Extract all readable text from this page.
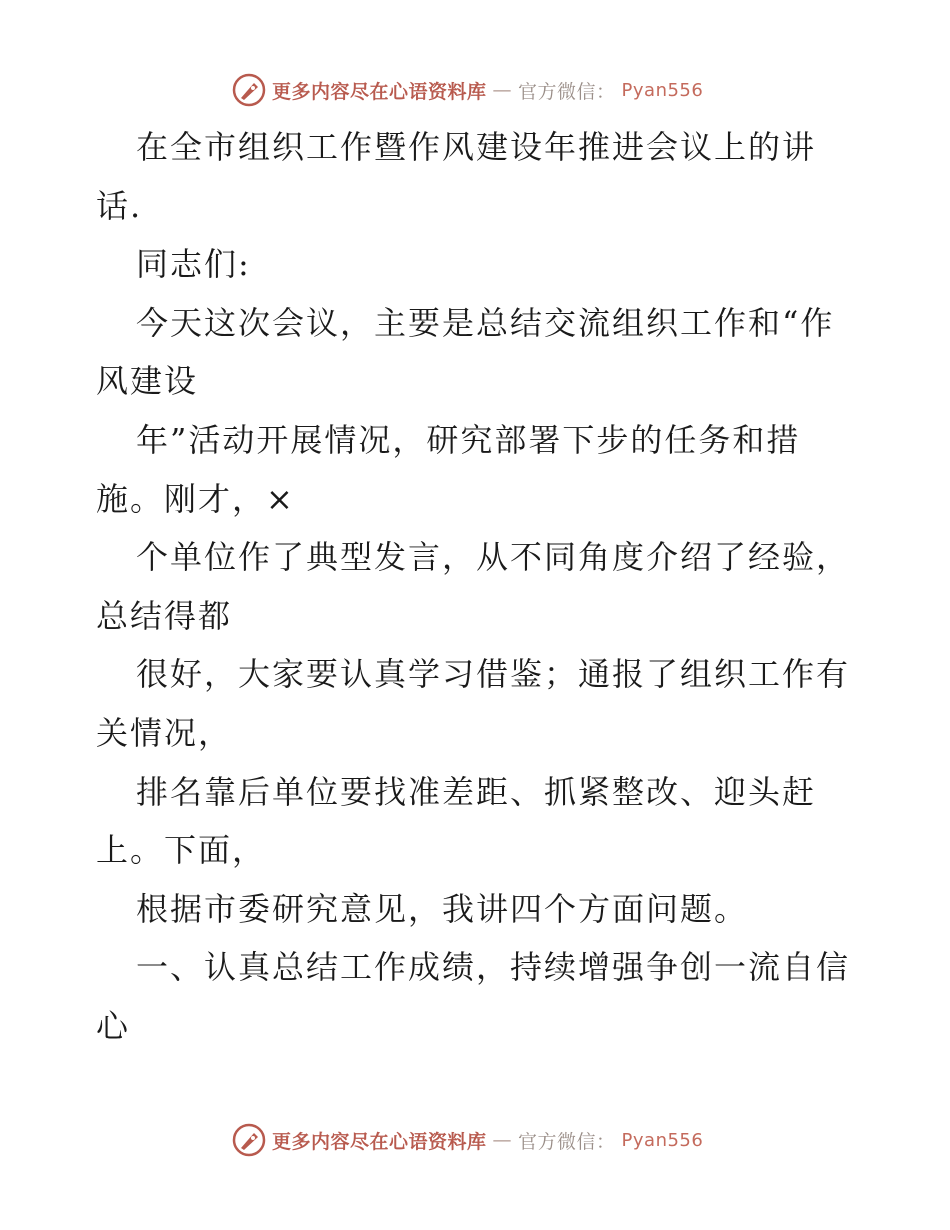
更多内容尽在心语资料库 — 官方微信： Pyan556
在全市组织工作暨作风建设年推进会议上的讲
话.
同志们:
今天这次会议，主要是总结交流组织工作和“作
风建设
年”活动开展情况，研究部署下步的任务和措
施。刚才，×
个单位作了典型发言，从不同角度介绍了经验，
总结得都
很好，大家要认真学习借鉴；通报了组织工作有
关情况，
排名靠后单位要找准差距、抓紧整改、迎头赶
上。下面，
根据市委研究意见，我讲四个方面问题。
一、认真总结工作成绩，持续增强争创一流自信
心
更多内容尽在心语资料库 — 官方微信： Pyan556
